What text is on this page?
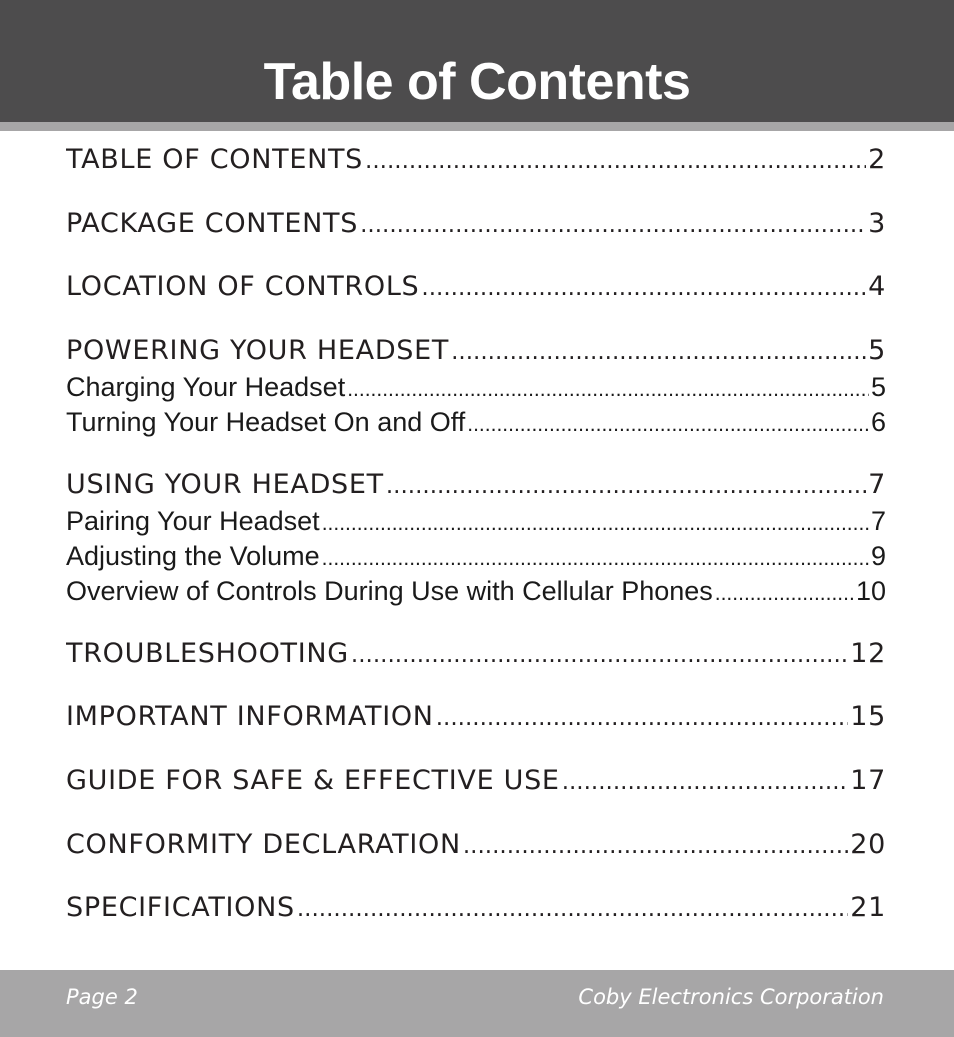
Table of Contents
TABLE OF CONTENTS .....	2
PACKAGE CONTENTS .....	3
LOCATION OF CONTROLS .....	4
POWERING YOUR HEADSET .....	5
Charging Your Headset .....	5
Turning Your Headset On and Off .....	6
USING YOUR HEADSET .....	7
Pairing Your Headset .....	7
Adjusting the Volume .....	9
Overview of Controls During Use with Cellular Phones .....	10
TROUBLESHOOTING .....	12
IMPORTANT INFORMATION .....	15
GUIDE FOR SAFE & EFFECTIVE USE .....	17
CONFORMITY DECLARATION .....	20
SPECIFICATIONS .....	21
Page 2	Coby Electronics Corporation
